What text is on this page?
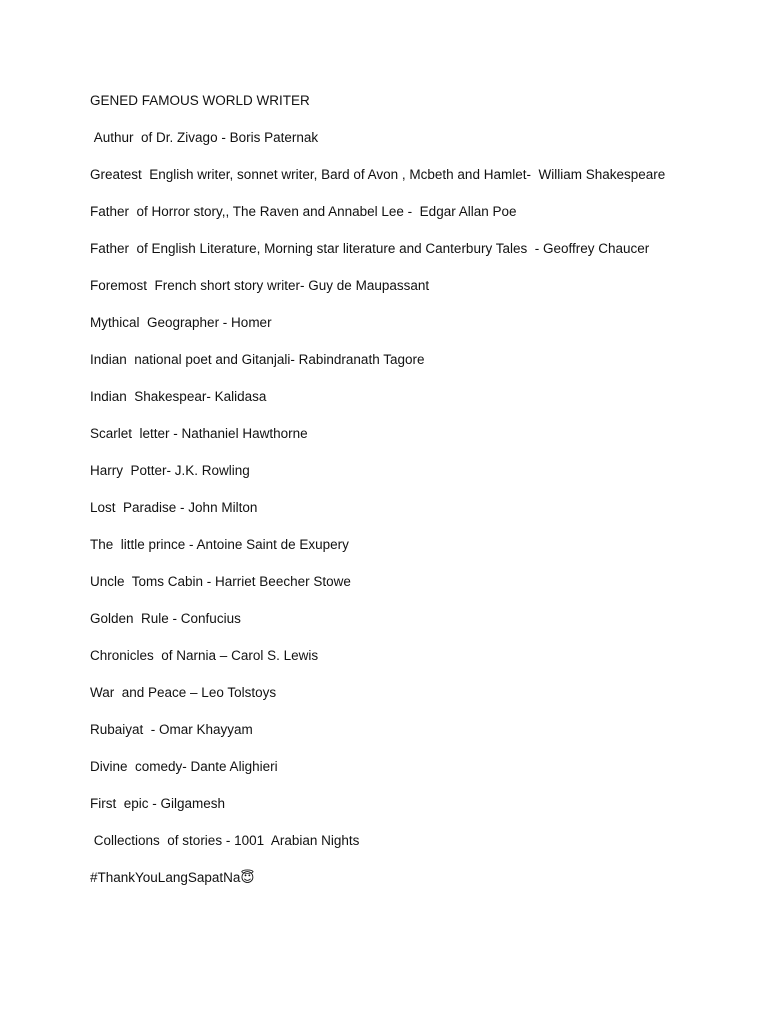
GENED FAMOUS WORLD WRITER

Authur  of Dr. Zivago - Boris Paternak

Greatest  English writer, sonnet writer, Bard of Avon , Mcbeth and Hamlet-  William Shakespeare

Father  of Horror story,, The Raven and Annabel Lee -  Edgar Allan Poe

Father  of English Literature, Morning star literature and Canterbury Tales  - Geoffrey Chaucer

Foremost  French short story writer- Guy de Maupassant

Mythical  Geographer - Homer

Indian  national poet and Gitanjali- Rabindranath Tagore

Indian  Shakespear- Kalidasa

Scarlet  letter - Nathaniel Hawthorne

Harry  Potter- J.K. Rowling

Lost  Paradise - John Milton

The  little prince - Antoine Saint de Exupery

Uncle  Toms Cabin - Harriet Beecher Stowe

Golden  Rule - Confucius

Chronicles  of Narnia – Carol S. Lewis

War  and Peace – Leo Tolstoys

Rubaiyat  - Omar Khayyam

Divine  comedy- Dante Alighieri

First  epic - Gilgamesh

Collections  of stories - 1001  Arabian Nights

#ThankYouLangSapatNa😇
